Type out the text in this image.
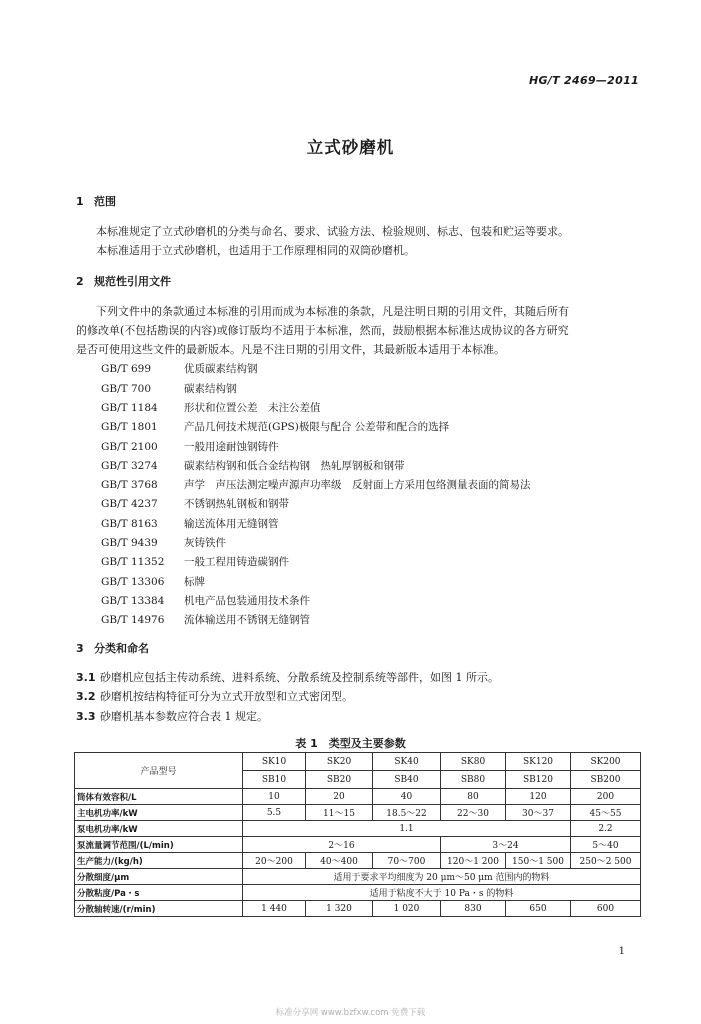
HG/T 2469—2011
立式砂磨机
1 范围
本标准规定了立式砂磨机的分类与命名、要求、试验方法、检验规则、标志、包装和贮运等要求。
本标准适用于立式砂磨机，也适用于工作原理相同的双筒砂磨机。
2 规范性引用文件
下列文件中的条款通过本标准的引用而成为本标准的条款，凡是注明日期的引用文件，其随后所有
的修改单(不包括勘误的内容)或修订版均不适用于本标准，然而，鼓励根据本标准达成协议的各方研究
是否可使用这些文件的最新版本。凡是不注日期的引用文件，其最新版本适用于本标准。
GB/T 699	优质碳素结构钢
GB/T 700	碳素结构钢
GB/T 1184	形状和位置公差　未注公差值
GB/T 1801	产品几何技术规范(GPS)极限与配合 公差带和配合的选择
GB/T 2100	一般用途耐蚀钢铸件
GB/T 3274	碳素结构钢和低合金结构钢　热轧厚钢板和钢带
GB/T 3768	声学　声压法测定噪声源声功率级　反射面上方采用包络测量表面的简易法
GB/T 4237	不锈钢热轧钢板和钢带
GB/T 8163	输送流体用无缝钢管
GB/T 9439	灰铸铁件
GB/T 11352 一般工程用铸造碳钢件
GB/T 13306 标牌
GB/T 13384 机电产品包装通用技术条件
GB/T 14976 流体输送用不锈钢无缝钢管
3 分类和命名
3.1 砂磨机应包括主传动系统、进料系统、分散系统及控制系统等部件，如图 1 所示。
3.2 砂磨机按结构特征可分为立式开放型和立式密闭型。
3.3 砂磨机基本参数应符合表 1 规定。
表 1　类型及主要参数
产品型号	SK10	SK20	SK40	SK80	SK120	SK200
	SB10	SB20	SB40	SB80	SB120	SB200
筒体有效容积/L	10	20	40	80	120	200
主电机功率/kW	5.5	11～15	18.5～22	22～30	30～37	45～55
泵电机功率/kW	1.1					2.2
泵流量调节范围/(L/min)	2～16			3～24		5～40
生产能力/(kg/h)	20～200	40～400	70～700	120～1 200	150～1 500	250～2 500
分散细度/μm	适用于要求平均细度为 20 μm～50 μm 范围内的物料					
分散粘度/Pa・s	适用于粘度不大于 10 Pa・s 的物料					
分散轴转速/(r/min)	1 440	1 320	1 020	830	650	600
1
标准分享网 www.bzfxw.com 免费下载
